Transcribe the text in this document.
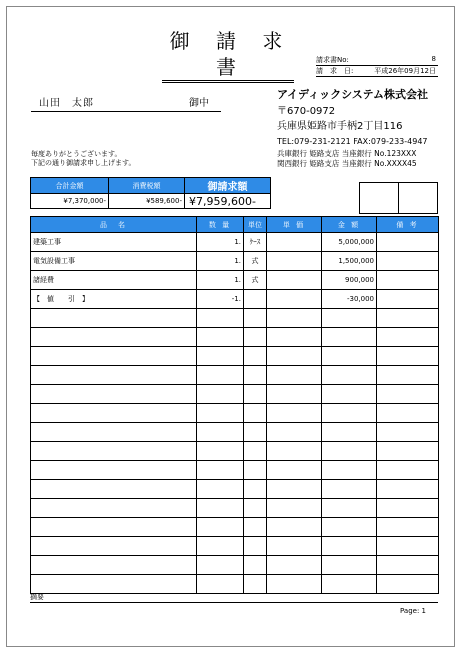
御 請 求 書	請求書No:	8
請　求　日:	平成26年09月12日
山田　太郎	御中
アイディックシステム株式会社
〒670-0972
兵庫県姫路市手柄2丁目116
TEL:079-231-2121 FAX:079-233-4947
兵庫銀行 姫路支店 当座銀行 No.123XXX
関西銀行 姫路支店 当座銀行 No.XXXX45
毎度ありがとうございます。
下記の通り御請求申し上げます。
合計金額	消費税額	御請求額
¥7,370,000-	¥589,600-	¥7,959,600-

品　名	数 量	単位	単 価	金 額	備 考
建築工事	1.	ｹｰｽ		5,000,000	
電気設備工事	1.	式		1,500,000	
諸経費	1.	式		900,000	
【　値　　引　】	-1.			-30,000	

摘要
Page: 1
